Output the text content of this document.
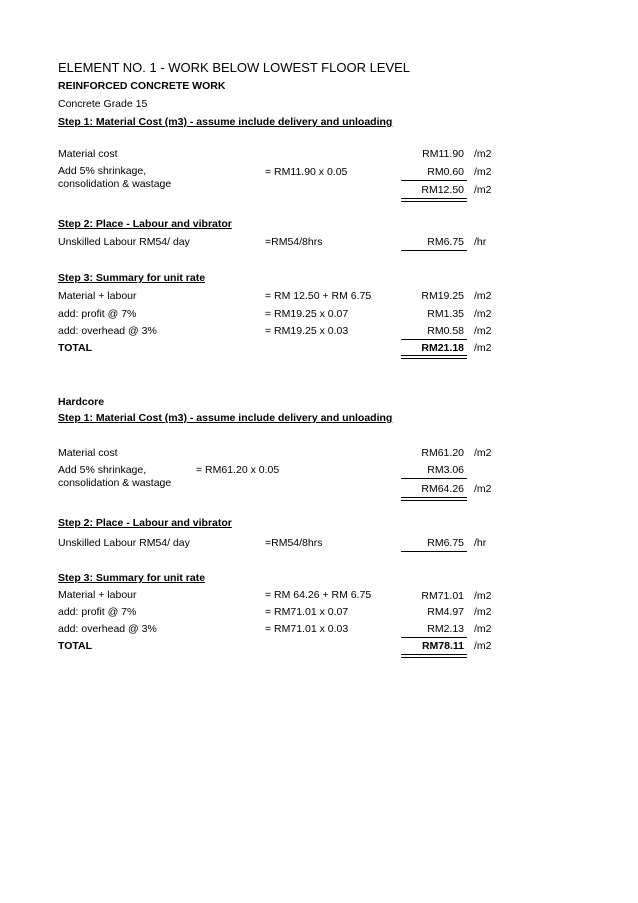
ELEMENT NO. 1 - WORK BELOW LOWEST FLOOR LEVEL
REINFORCED CONCRETE WORK
Concrete Grade 15
Step 1: Material Cost (m3) - assume include delivery and unloading
Material cost	RM11.90 /m2
Add 5% shrinkage,
consolidation & wastage
= RM11.90 x 0.05	RM0.60 /m2
RM12.50 /m2
Step 2: Place - Labour and vibrator
Unskilled Labour RM54/ day	=RM54/8hrs	RM6.75 /hr
Step 3: Summary for unit rate
Material + labour	= RM 12.50 + RM 6.75	RM19.25 /m2
add: profit @ 7%	= RM19.25 x 0.07	RM1.35 /m2
add: overhead @ 3%	= RM19.25 x 0.03	RM0.58 /m2
TOTAL	RM21.18 /m2
Hardcore
Step 1: Material Cost (m3) - assume include delivery and unloading
Material cost	RM61.20 /m2
Add 5% shrinkage,
consolidation & wastage
= RM61.20 x 0.05	RM3.06
RM64.26 /m2
Step 2: Place - Labour and vibrator
Unskilled Labour RM54/ day	=RM54/8hrs	RM6.75 /hr
Step 3: Summary for unit rate
Material + labour	= RM 64.26 + RM 6.75	RM71.01 /m2
add: profit @ 7%	= RM71.01 x 0.07	RM4.97 /m2
add: overhead @ 3%	= RM71.01 x 0.03	RM2.13 /m2
TOTAL	RM78.11 /m2
